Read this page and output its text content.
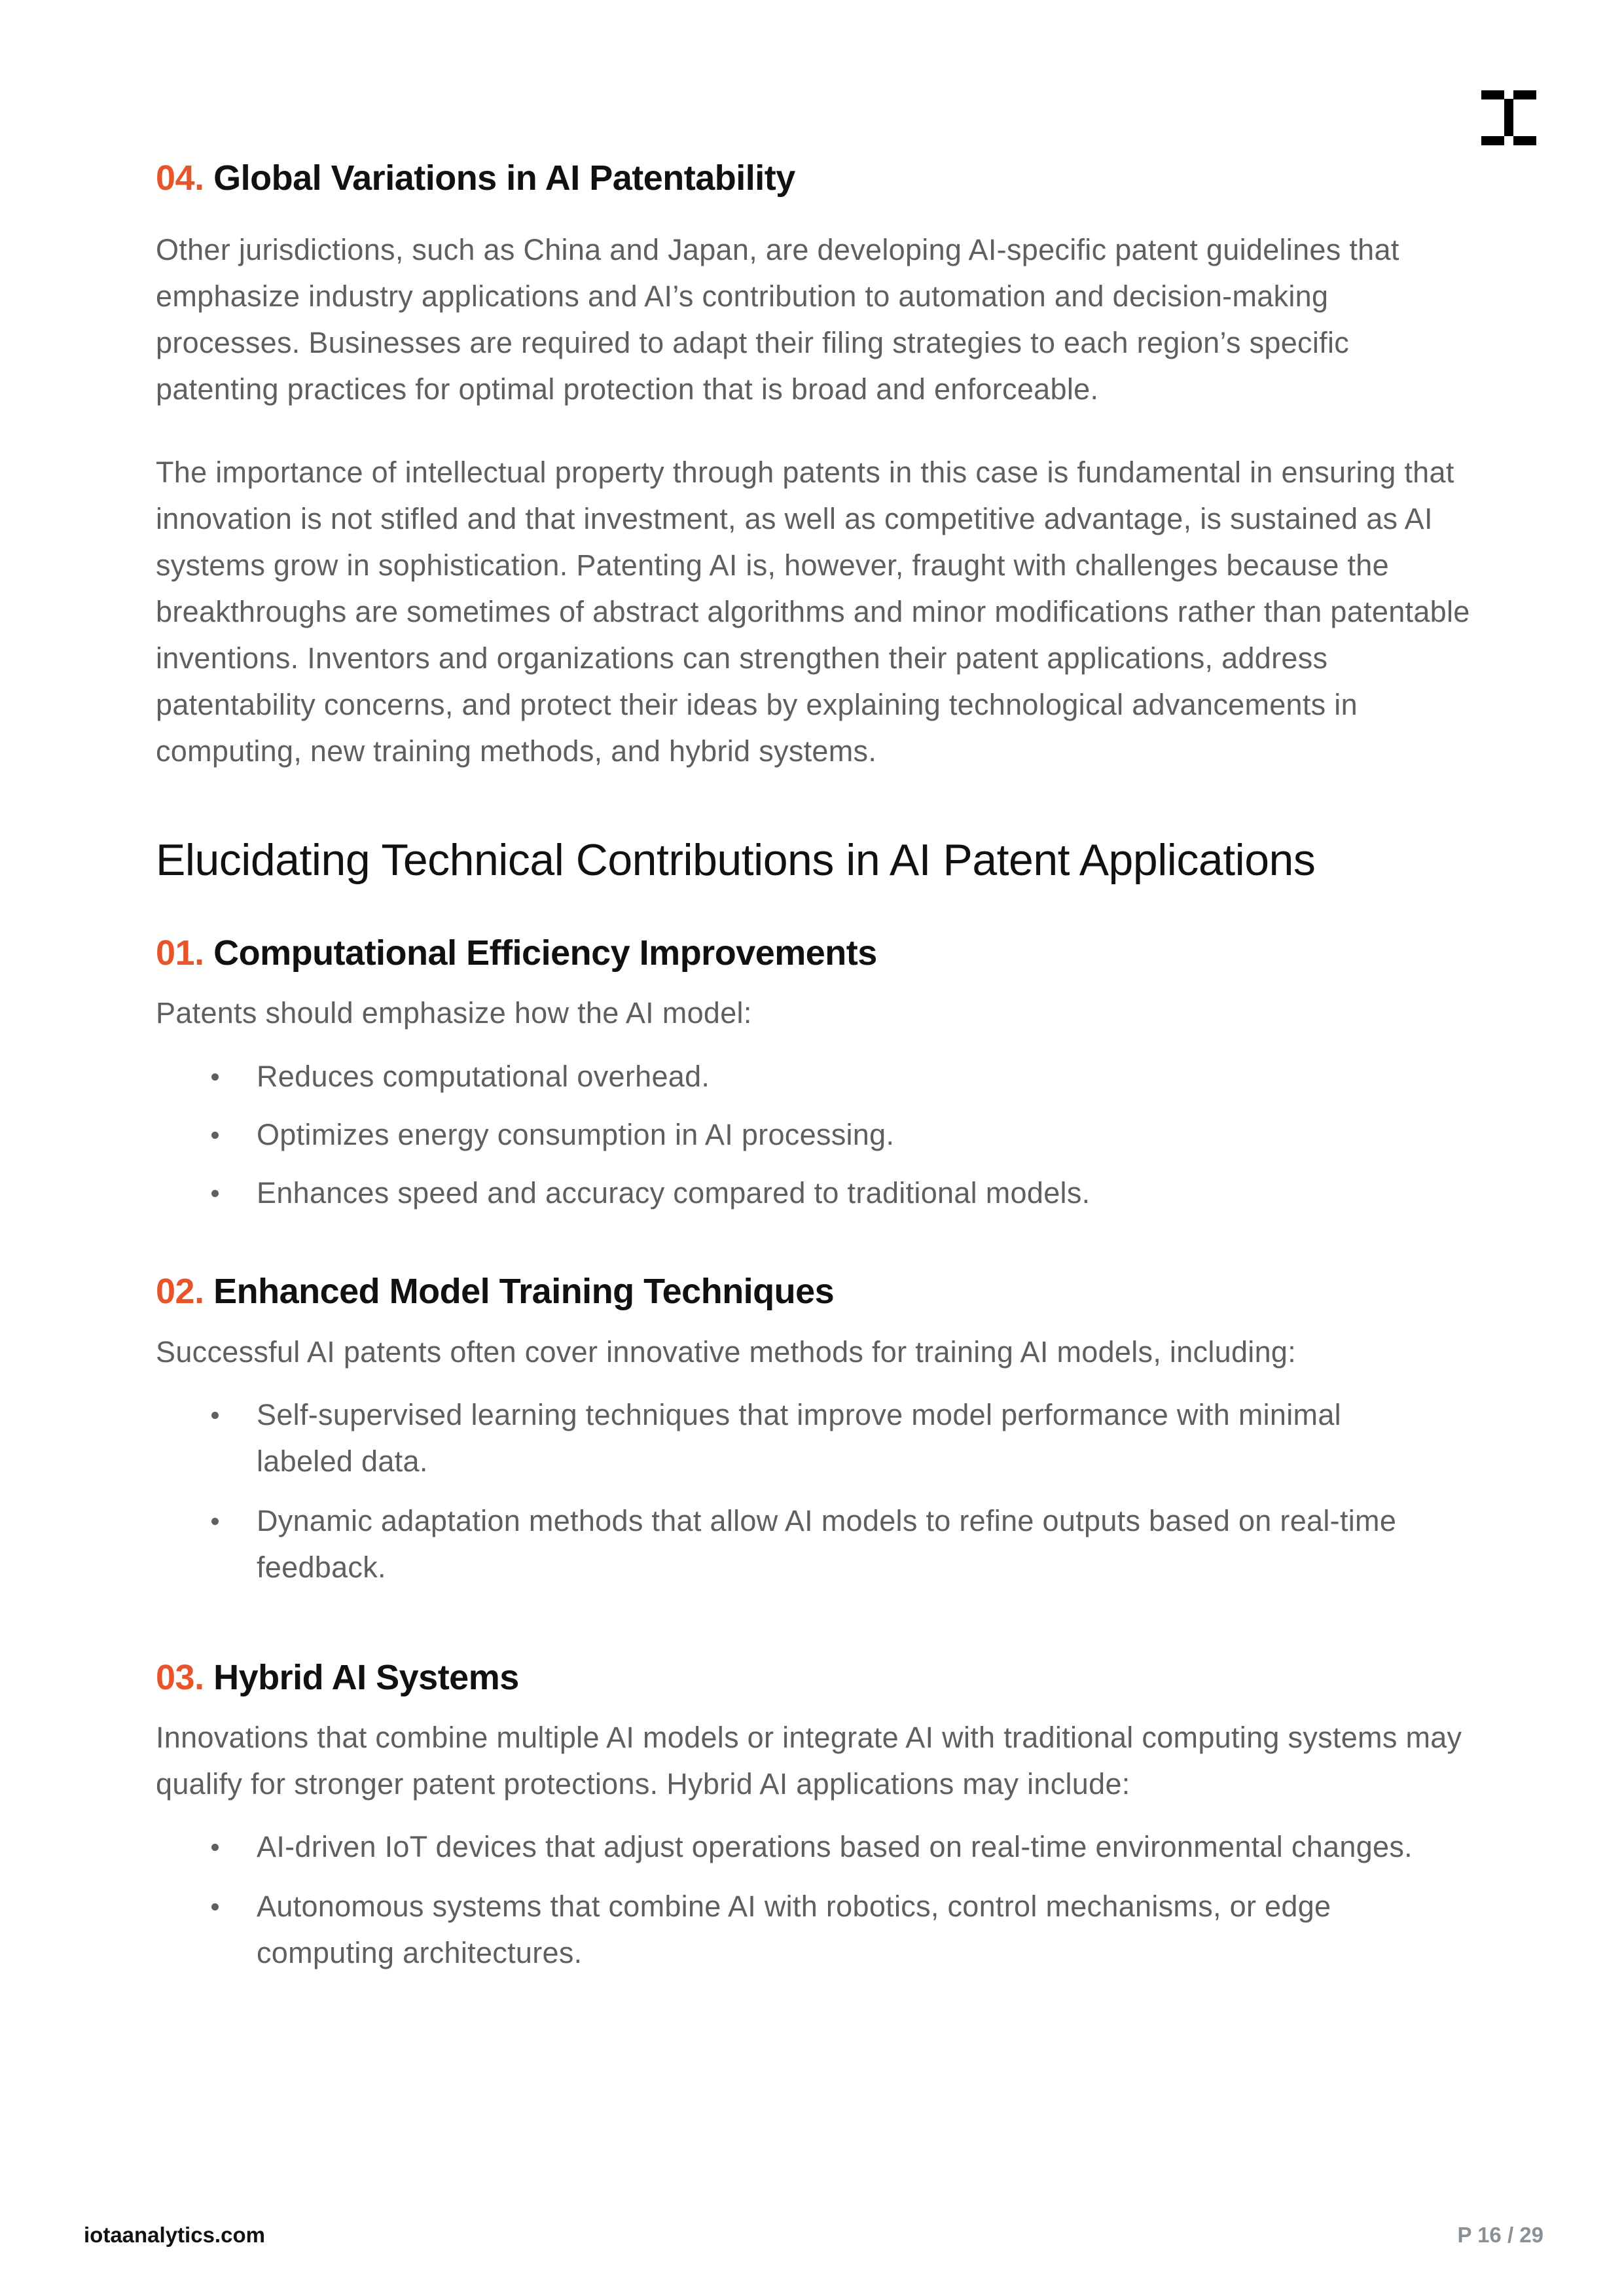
04. Global Variations in AI Patentability

Other jurisdictions, such as China and Japan, are developing AI-specific patent guidelines that emphasize industry applications and AI’s contribution to automation and decision-making processes. Businesses are required to adapt their filing strategies to each region’s specific patenting practices for optimal protection that is broad and enforceable.

The importance of intellectual property through patents in this case is fundamental in ensuring that innovation is not stifled and that investment, as well as competitive advantage, is sustained as AI systems grow in sophistication. Patenting AI is, however, fraught with challenges because the breakthroughs are sometimes of abstract algorithms and minor modifications rather than patentable inventions. Inventors and organizations can strengthen their patent applications, address patentability concerns, and protect their ideas by explaining technological advancements in computing, new training methods, and hybrid systems.

Elucidating Technical Contributions in AI Patent Applications
01. Computational Efficiency Improvements

Patents should emphasize how the AI model:

Reduces computational overhead.
Optimizes energy consumption in AI processing.
Enhances speed and accuracy compared to traditional models.
02. Enhanced Model Training Techniques

Successful AI patents often cover innovative methods for training AI models, including:

Self-supervised learning techniques that improve model performance with minimal labeled data.
Dynamic adaptation methods that allow AI models to refine outputs based on real-time feedback.
03. Hybrid AI Systems

Innovations that combine multiple AI models or integrate AI with traditional computing systems may qualify for stronger patent protections. Hybrid AI applications may include:

AI-driven IoT devices that adjust operations based on real-time environmental changes.
Autonomous systems that combine AI with robotics, control mechanisms, or edge computing architectures.
iotaanalytics.com	P 16 / 29
